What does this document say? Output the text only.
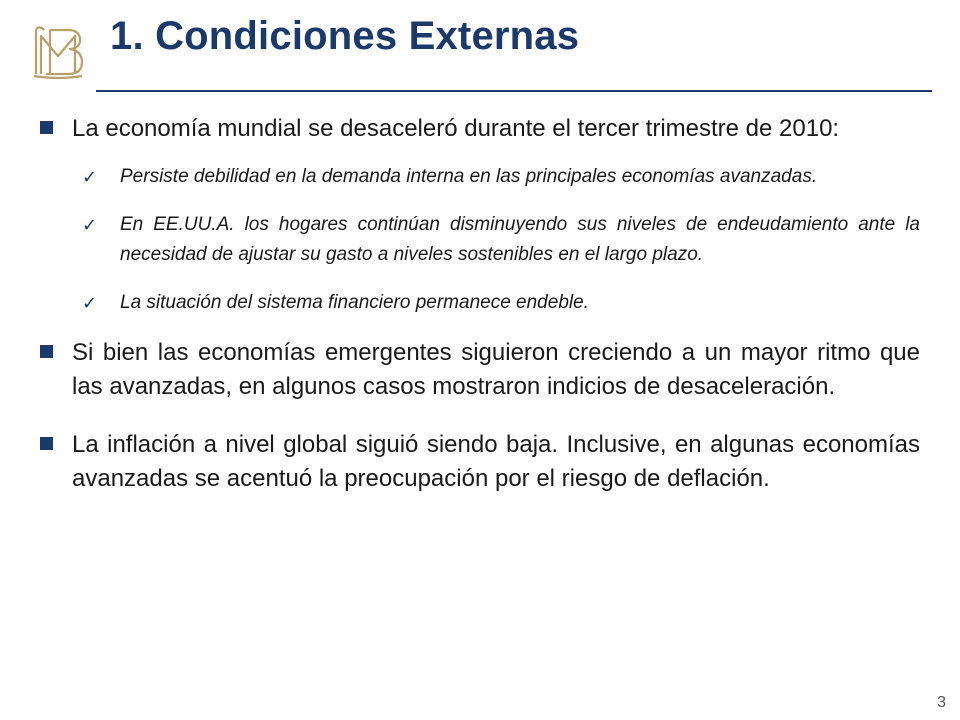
1. Condiciones Externas
La economía mundial se desaceleró durante el tercer trimestre de 2010:
✓ Persiste debilidad en la demanda interna en las principales economías avanzadas.
✓ En EE.UU.A. los hogares continúan disminuyendo sus niveles de endeudamiento ante la necesidad de ajustar su gasto a niveles sostenibles en el largo plazo.
✓ La situación del sistema financiero permanece endeble.
Si bien las economías emergentes siguieron creciendo a un mayor ritmo que las avanzadas, en algunos casos mostraron indicios de desaceleración.
La inflación a nivel global siguió siendo baja. Inclusive, en algunas economías avanzadas se acentuó la preocupación por el riesgo de deflación.
3
